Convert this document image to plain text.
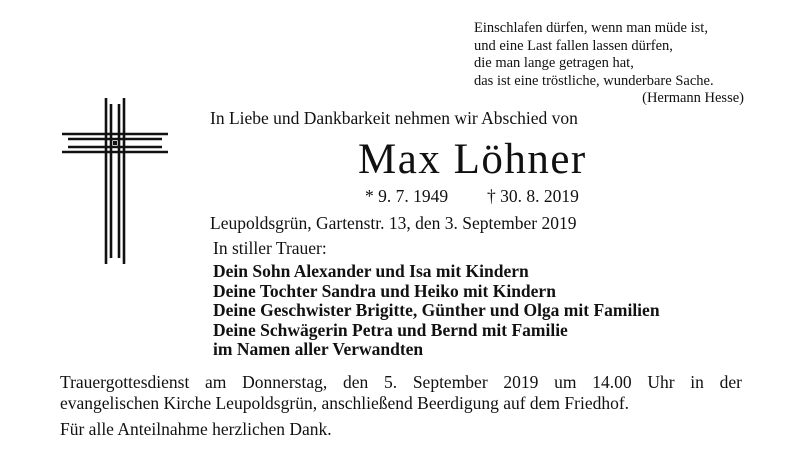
Einschlafen dürfen, wenn man müde ist,
und eine Last fallen lassen dürfen,
die man lange getragen hat,
das ist eine tröstliche, wunderbare Sache.
(Hermann Hesse)
In Liebe und Dankbarkeit nehmen wir Abschied von
Max Löhner
* 9. 7. 1949 † 30. 8. 2019
Leupoldsgrün, Gartenstr. 13, den 3. September 2019
In stiller Trauer:
Dein Sohn Alexander und Isa mit Kindern
Deine Tochter Sandra und Heiko mit Kindern
Deine Geschwister Brigitte, Günther und Olga mit Familien
Deine Schwägerin Petra und Bernd mit Familie
im Namen aller Verwandten
Trauergottesdienst am Donnerstag, den 5. September 2019 um 14.00 Uhr in der
evangelischen Kirche Leupoldsgrün, anschließend Beerdigung auf dem Friedhof.
Für alle Anteilnahme herzlichen Dank.
